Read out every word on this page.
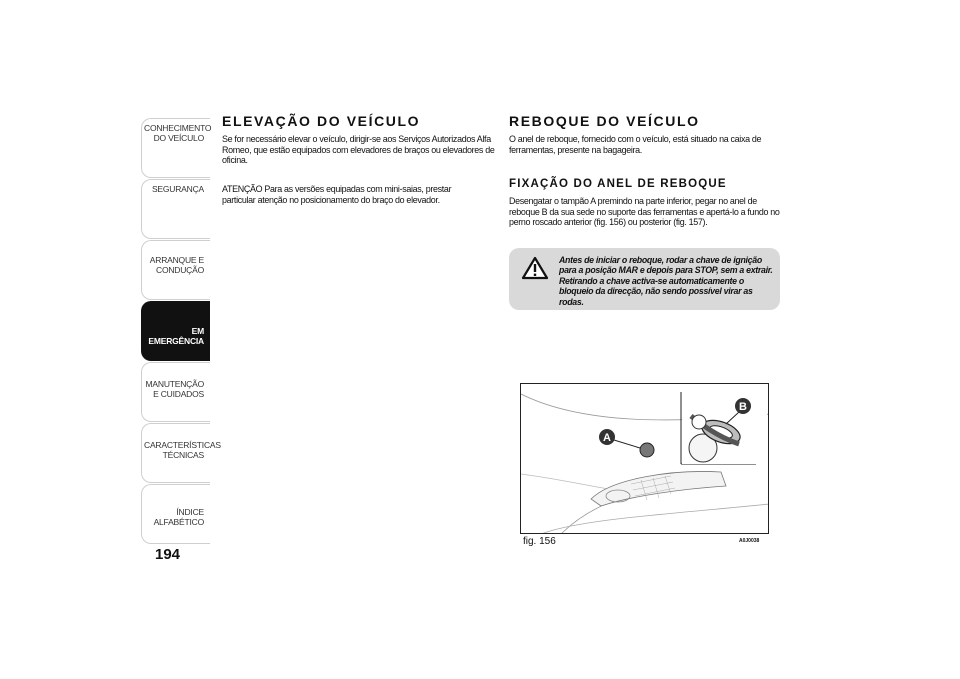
CONHECIMENTO DO VEÍCULO
SEGURANÇA
ARRANQUE E CONDUÇÃO
EM EMERGÊNCIA
MANUTENÇÃO E CUIDADOS
CARACTERÍSTICAS TÉCNICAS
ÍNDICE ALFABÉTICO
194
ELEVAÇÃO DO VEÍCULO

Se for necessário elevar o veículo, dirigir-se aos Serviços Autorizados Alfa Romeo, que estão equipados com elevadores de braços ou elevadores de oficina.

ATENÇÃO Para as versões equipadas com mini-saias, prestar particular atenção no posicionamento do braço do elevador.

REBOQUE DO VEÍCULO

O anel de reboque, fornecido com o veículo, está situado na caixa de ferramentas, presente na bagageira.

FIXAÇÃO DO ANEL DE REBOQUE

Desengatar o tampão A premindo na parte inferior, pegar no anel de reboque B da sua sede no suporte das ferramentas e apertá-lo a fundo no perno roscado anterior (fig. 156) ou posterior (fig. 157).

Antes de iniciar o reboque, rodar a chave de ignição para a posição MAR e depois para STOP, sem a extrair. Retirando a chave activa-se automaticamente o bloqueio da direcção, não sendo possível virar as rodas.
A
B
fig. 156	A0J0038
